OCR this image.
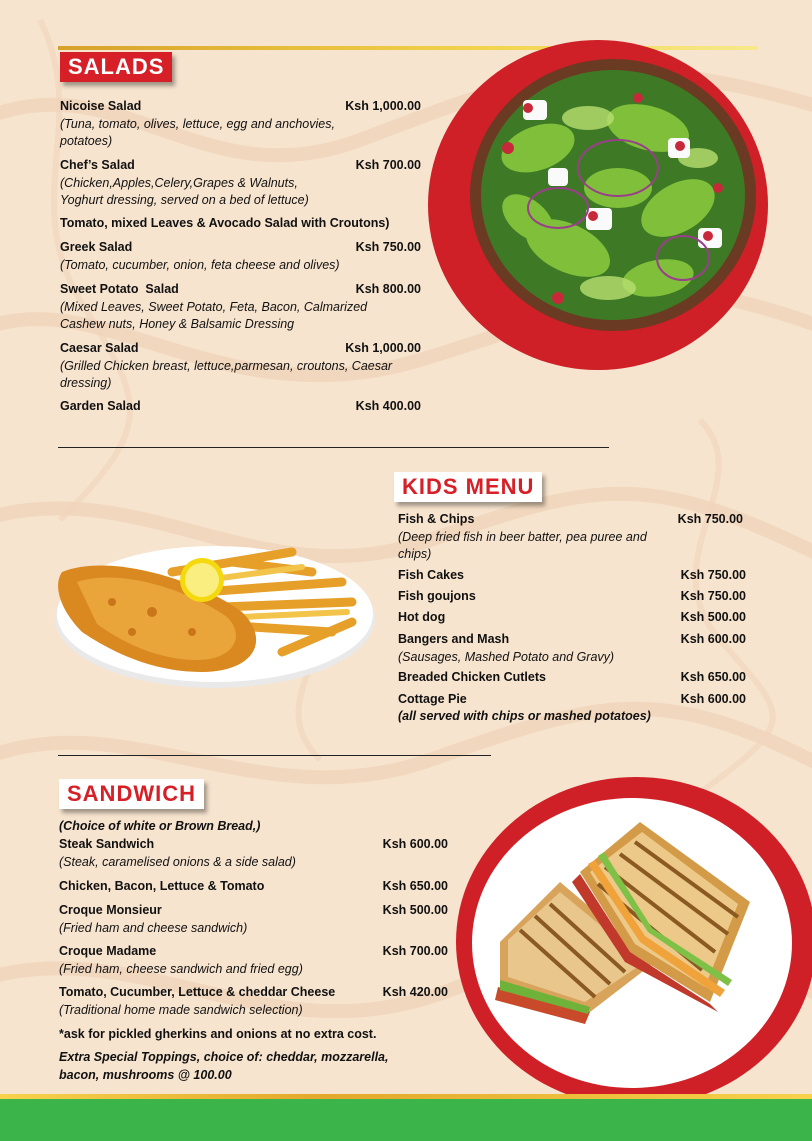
SALADS
Nicoise Salad	Ksh 1,000.00
(Tuna, tomato, olives, lettuce, egg and anchovies, potatoes)
Chef’s Salad	Ksh 700.00
(Chicken,Apples,Celery,Grapes & Walnuts, Yoghurt dressing, served on a bed of lettuce)
Tomato, mixed Leaves & Avocado Salad with Croutons)
Greek Salad	Ksh 750.00
(Tomato, cucumber, onion, feta cheese and olives)
Sweet Potato  Salad	Ksh 800.00
(Mixed Leaves, Sweet Potato, Feta, Bacon, Calmarized Cashew nuts, Honey & Balsamic Dressing
Caesar Salad	Ksh 1,000.00
(Grilled Chicken breast, lettuce,parmesan, croutons, Caesar dressing)
Garden Salad	Ksh 400.00
KIDS MENU
Fish & Chips	Ksh 750.00
(Deep fried fish in beer batter, pea puree and chips)
Fish Cakes	Ksh 750.00
Fish goujons	Ksh 750.00
Hot dog	Ksh 500.00
Bangers and Mash	Ksh 600.00
(Sausages, Mashed Potato and Gravy)
Breaded Chicken Cutlets	Ksh 650.00
Cottage Pie	Ksh 600.00
(all served with chips or mashed potatoes)
SANDWICH
(Choice of white or Brown Bread,)
Steak Sandwich	Ksh 600.00
(Steak, caramelised onions & a side salad)
Chicken, Bacon, Lettuce & Tomato	Ksh 650.00
Croque Monsieur	Ksh 500.00
(Fried ham and cheese sandwich)
Croque Madame	Ksh 700.00
(Fried ham, cheese sandwich and fried egg)
Tomato, Cucumber, Lettuce & cheddar Cheese	Ksh 420.00
(Traditional home made sandwich selection)
*ask for pickled gherkins and onions at no extra cost.
Extra Special Toppings, choice of: cheddar, mozzarella, bacon, mushrooms @ 100.00
